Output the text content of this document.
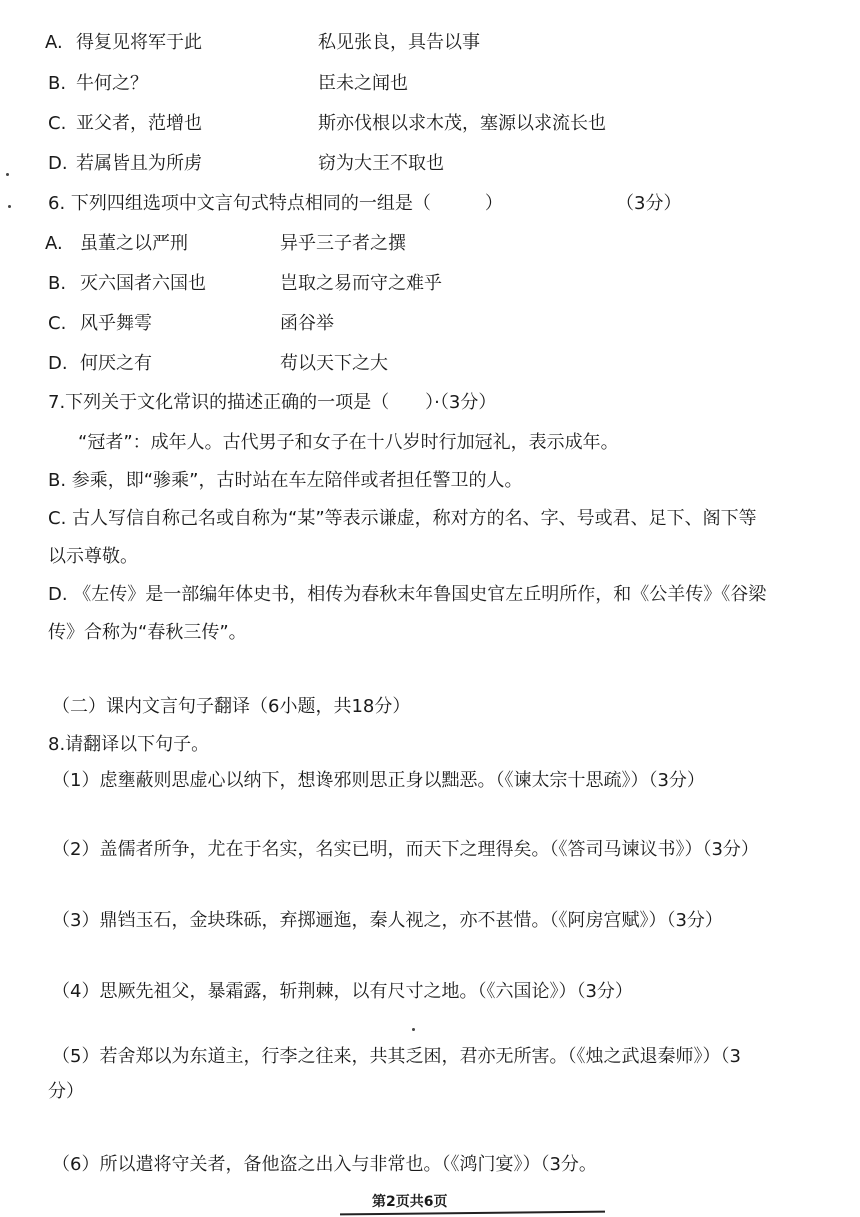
A. 得复见将军于此	私见张良，具告以事
B. 牛何之？	臣未之闻也
C. 亚父者，范增也	斯亦伐根以求木茂，塞源以求流长也
D. 若属皆且为所虏	窃为大王不取也
6. 下列四组选项中文言句式特点相同的一组是（　　　）	（3分）
A. 虽董之以严刑	异乎三子者之撰
B. 灭六国者六国也	岂取之易而守之难乎
C. 风乎舞雩	函谷举
D. 何厌之有	苟以天下之大
7.下列关于文化常识的描述正确的一项是（　　）·（3分）
“冠者”：成年人。古代男子和女子在十八岁时行加冠礼，表示成年。
B. 参乘，即“骖乘”，古时站在车左陪伴或者担任警卫的人。
C. 古人写信自称己名或自称为“某”等表示谦虚，称对方的名、字、号或君、足下、阁下等
以示尊敬。
D. 《左传》是一部编年体史书，相传为春秋末年鲁国史官左丘明所作，和《公羊传》《谷梁
传》合称为“春秋三传”。
（二）课内文言句子翻译（6小题，共18分）
8.请翻译以下句子。
（1）虑壅蔽则思虚心以纳下，想谗邪则思正身以黜恶。（《谏太宗十思疏》）（3分）
（2）盖儒者所争，尤在于名实，名实已明，而天下之理得矣。（《答司马谏议书》）（3分）
（3）鼎铛玉石，金块珠砾，弃掷逦迤，秦人视之，亦不甚惜。（《阿房宫赋》）（3分）
（4）思厥先祖父，暴霜露，斩荆棘，以有尺寸之地。（《六国论》）（3分）
（5）若舍郑以为东道主，行李之往来，共其乏困，君亦无所害。（《烛之武退秦师》）（3
分）
（6）所以遣将守关者，备他盗之出入与非常也。（《鸿门宴》）（3分。
第2页共6页
